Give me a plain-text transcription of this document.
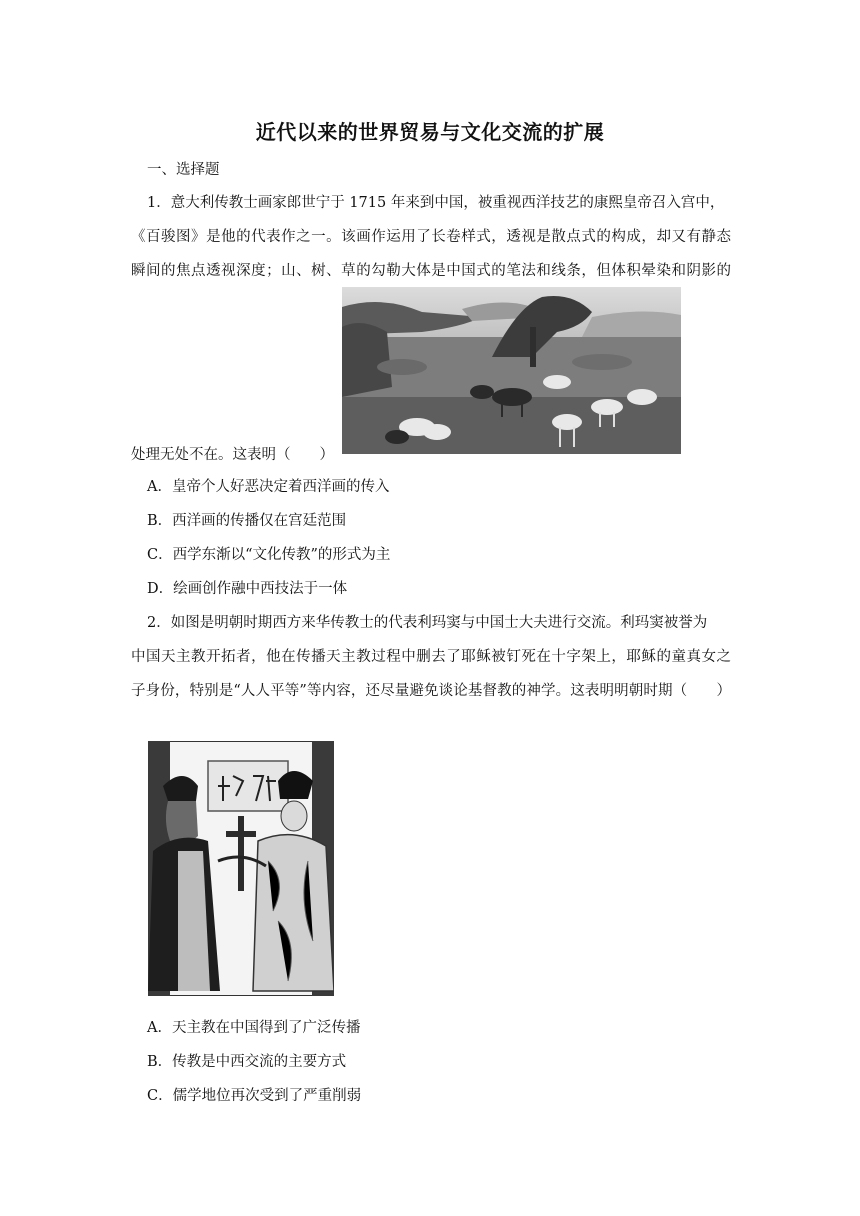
近代以来的世界贸易与文化交流的扩展
一、选择题
1．意大利传教士画家郎世宁于 1715 年来到中国，被重视西洋技艺的康熙皇帝召入宫中，
《百骏图》是他的代表作之一。该画作运用了长卷样式，透视是散点式的构成，却又有静态
瞬间的焦点透视深度；山、树、草的勾勒大体是中国式的笔法和线条，但体积晕染和阴影的
处理无处不在。这表明（　　）
A．皇帝个人好恶决定着西洋画的传入
B．西洋画的传播仅在宫廷范围
C．西学东渐以“文化传教”的形式为主
D．绘画创作融中西技法于一体
2．如图是明朝时期西方来华传教士的代表利玛窦与中国士大夫进行交流。利玛窦被誉为
中国天主教开拓者，他在传播天主教过程中删去了耶稣被钉死在十字架上，耶稣的童真女之
子身份，特别是“人人平等”等内容，还尽量避免谈论基督教的神学。这表明明朝时期（　　）
A．天主教在中国得到了广泛传播
B．传教是中西交流的主要方式
C．儒学地位再次受到了严重削弱
